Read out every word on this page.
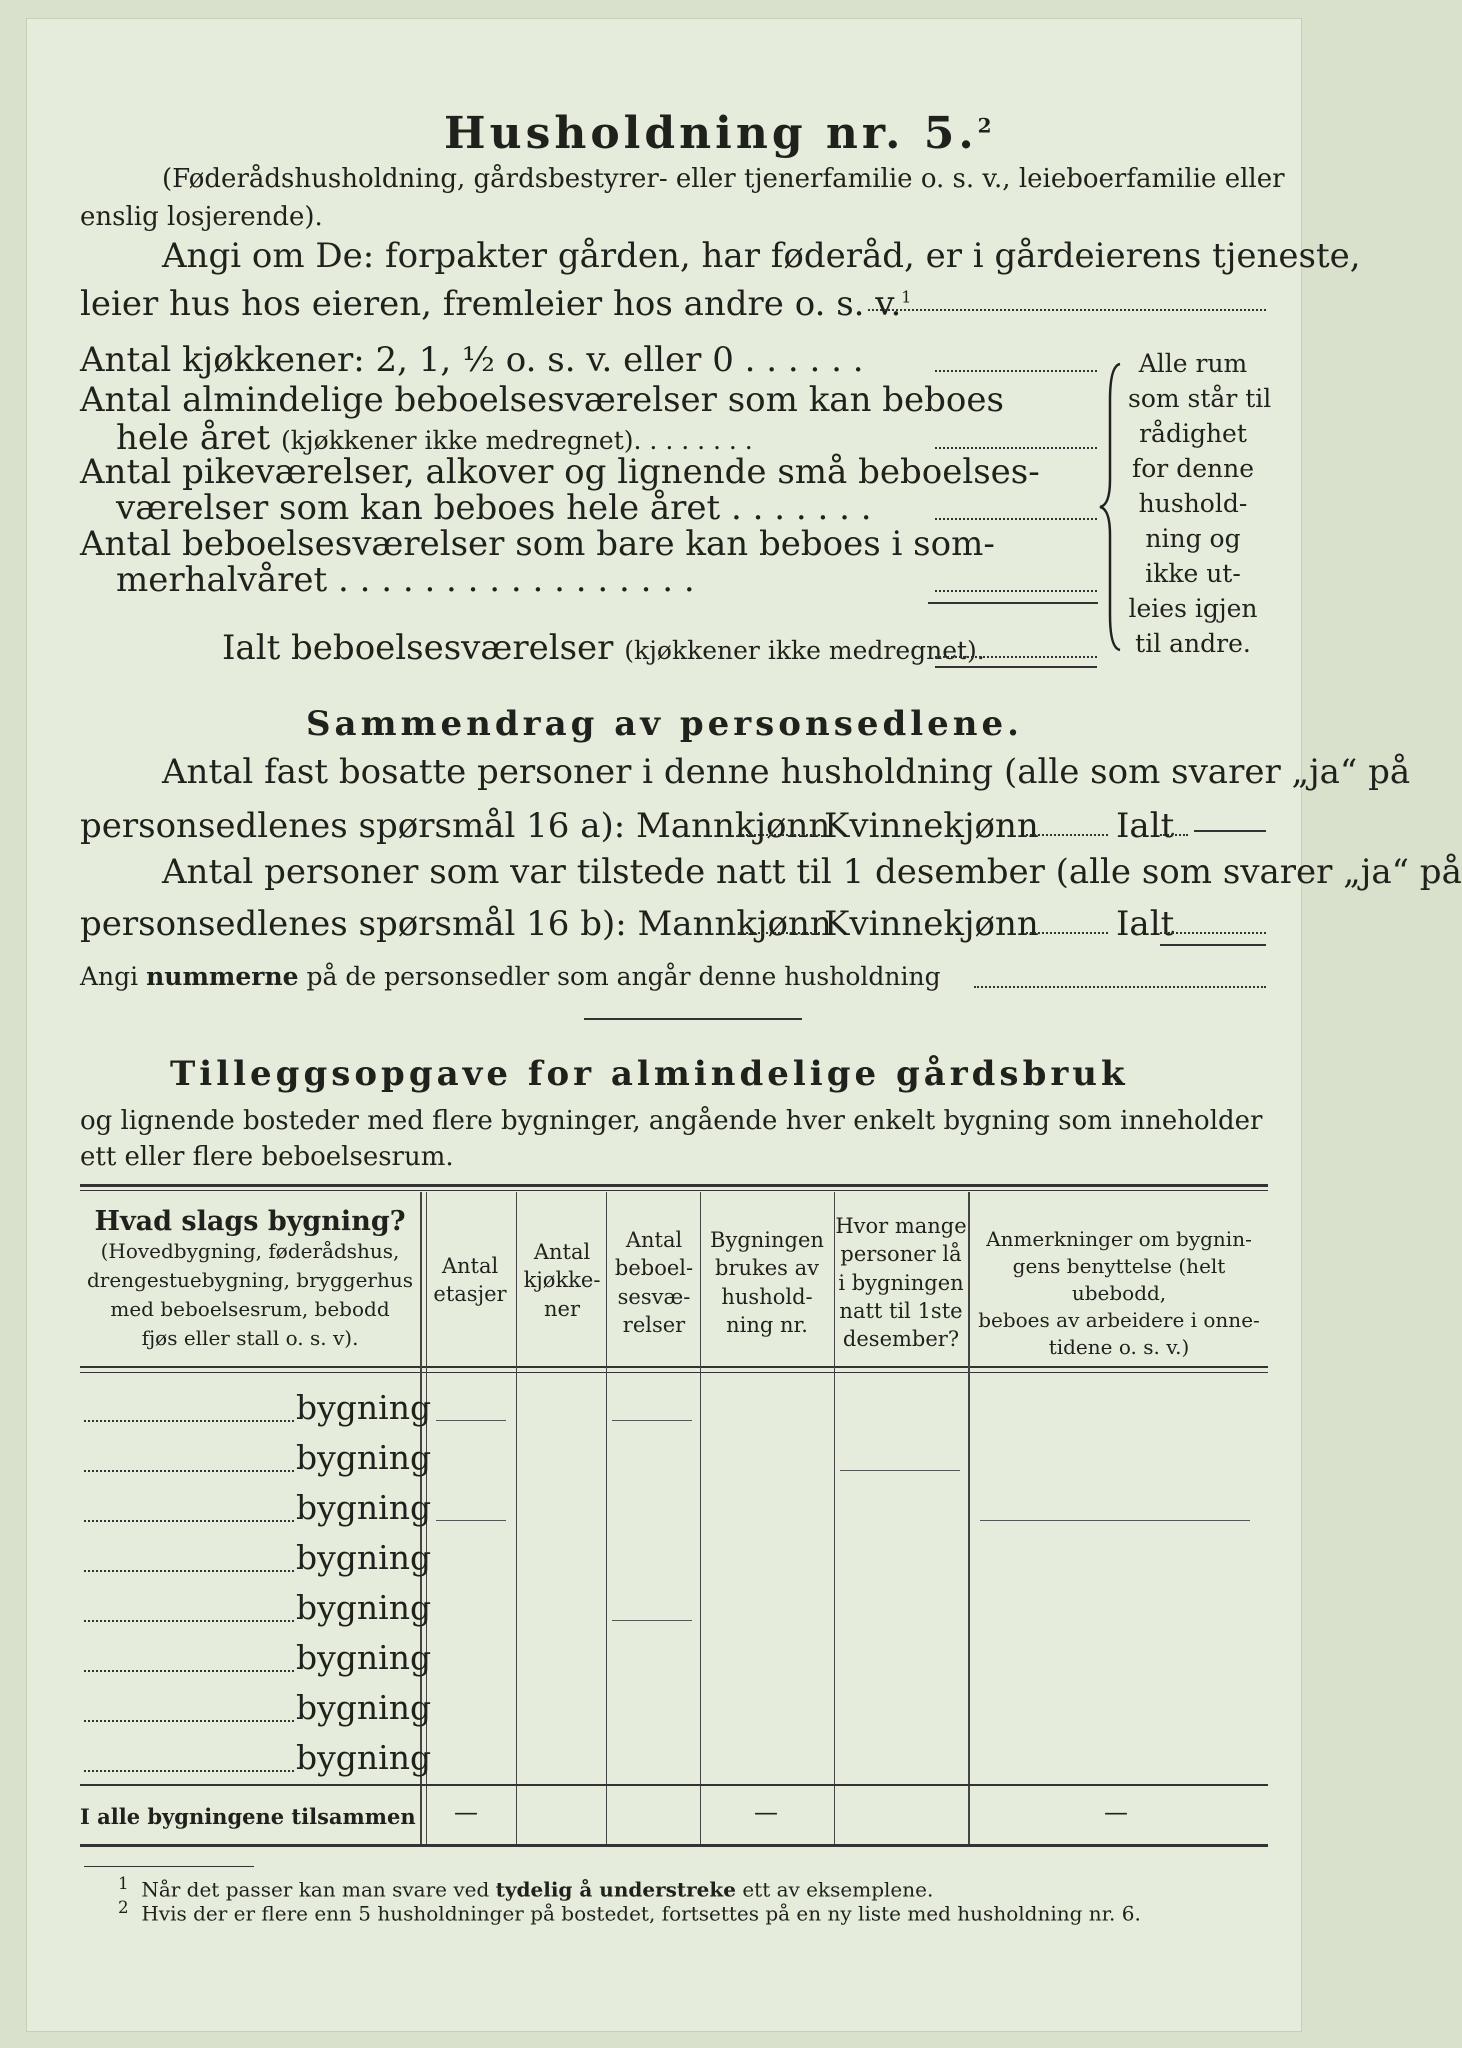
Husholdning nr. 5.$^2$
(Føderådshusholdning, gårdsbestyrer- eller tjenerfamilie o. s. v., leieboerfamilie eller
enslig losjerende).
Angi om De: forpakter gården, har føderåd, er i gårdeierens tjeneste,
leier hus hos eieren, fremleier hos andre o. s. v.$^1$
Antal kjøkkener: 2, 1, ½ o. s. v. eller 0 . . . . . .
Antal almindelige beboelsesværelser som kan beboes
hele året (kjøkkener ikke medregnet). . . . . . . .
Antal pikeværelser, alkover og lignende små beboelses-
værelser som kan beboes hele året . . . . . . .
Antal beboelsesværelser som bare kan beboes i som-
merhalvåret . . . . . . . . . . . . . . . . .
Ialt beboelsesværelser (kjøkkener ikke medregnet).
Alle rum
som står til
rådighet
for denne
hushold-
ning og
ikke ut-
leies igjen
til andre.
Sammendrag av personsedlene.
Antal fast bosatte personer i denne husholdning (alle som svarer „ja“ på
personsedlenes spørsmål 16 a): Mannkjønn
Kvinnekjønn Ialt
Antal personer som var tilstede natt til 1 desember (alle som svarer „ja“ på
personsedlenes spørsmål 16 b): Mannkjønn
Kvinnekjønn Ialt
Angi nummerne på de personsedler som angår denne husholdning
Tilleggsopgave for almindelige gårdsbruk
og lignende bosteder med flere bygninger, angående hver enkelt bygning som inneholder
ett eller flere beboelsesrum.
Hvad slags bygning?
(Hovedbygning, føderådshus,
drengestuebygning, bryggerhus
med beboelsesrum, bebodd
fjøs eller stall o. s. v).
Antal
etasjer
Antal
kjøkke-
ner
Antal
beboel-
sesvæ-
relser
Bygningen
brukes av
hushold-
ning nr.
Hvor mange
personer lå
i bygningen
natt til 1ste
desember?
Anmerkninger om bygnin-
gens benyttelse (helt ubebodd,
beboes av arbeidere i onne-
tidene o. s. v.)
bygning
bygning
bygning
bygning
bygning
bygning
bygning
bygning
I alle bygningene tilsammen —	—	—
$^1$ Når det passer kan man svare ved tydelig å understreke ett av eksemplene.
$^2$ Hvis der er flere enn 5 husholdninger på bostedet, fortsettes på en ny liste med husholdning nr. 6.
